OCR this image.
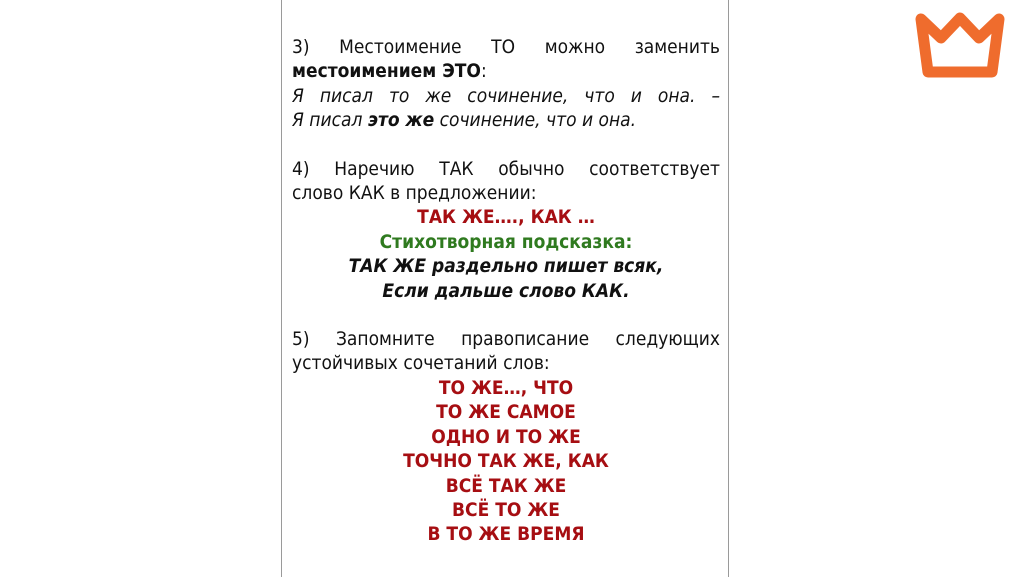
3) Местоимение ТО можно заменить
местоимением ЭТО:
Я писал то же сочинение, что и она. –
Я писал это же сочинение, что и она.
4) Наречию ТАК обычно соответствует
слово КАК в предложении:
ТАК ЖЕ…., КАК …
Стихотворная подсказка:
ТАК ЖЕ раздельно пишет всяк,
Если дальше слово КАК.
5) Запомните правописание следующих
устойчивых сочетаний слов:
ТО ЖЕ…, ЧТО
ТО ЖЕ САМОЕ
ОДНО И ТО ЖЕ
ТОЧНО ТАК ЖЕ, КАК
ВСЁ ТАК ЖЕ
ВСЁ ТО ЖЕ
В ТО ЖЕ ВРЕМЯ
